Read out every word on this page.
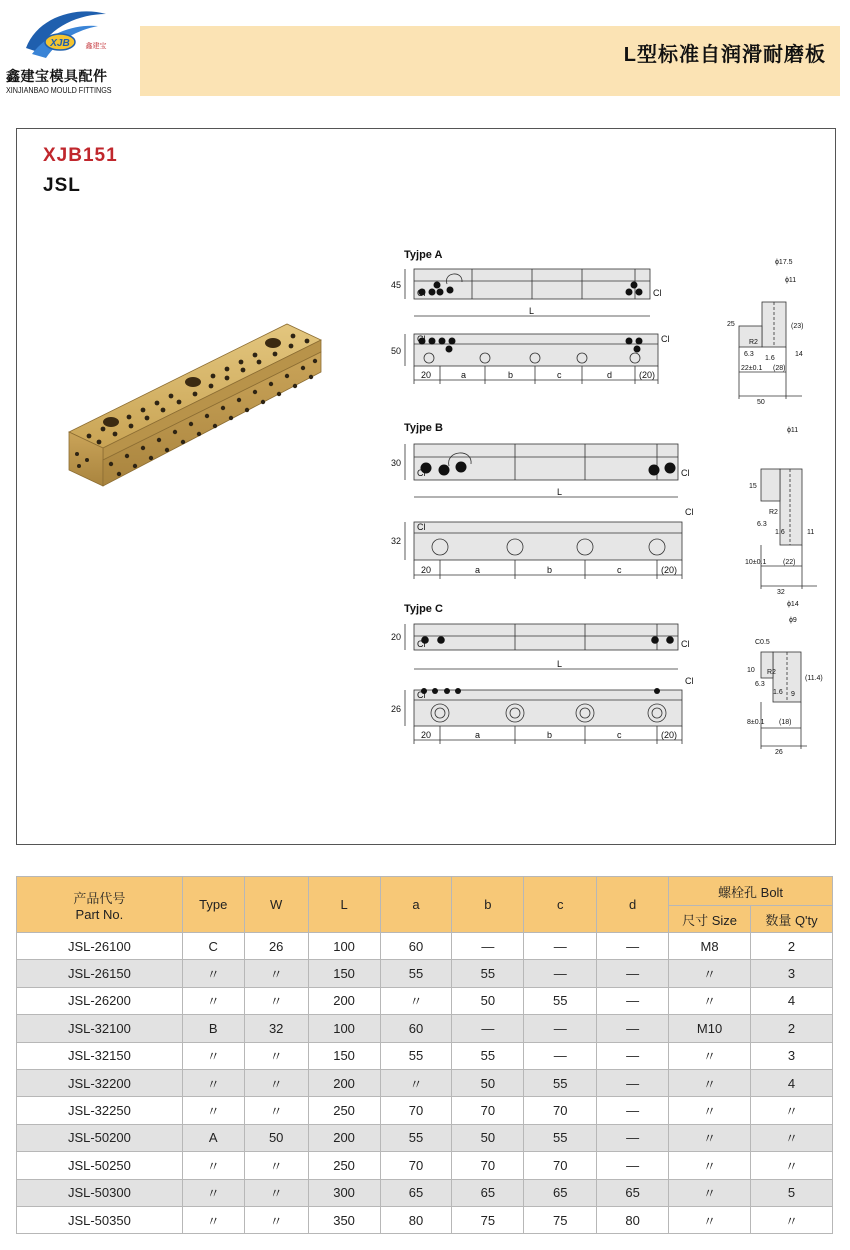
XJB 鑫建宝
鑫建宝模具配件
XINJIANBAO MOULD FITTINGS
L型标准自润滑耐磨板
XJB151
JSL
Tyjpe A
Tyjpe B
Tyjpe C
L
L
L
45
50
30
32
20
26
Cl	Cl
Cl	Cl
Cl	Cl
Cl
Cl
Cl	Cl
Cl
Cl
20	a	b	c	d	(20)
20	a	b	c	(20)
20	a	b	c	(20)
ϕ17.5
ϕ11
25	(23)
R2
6.3
1.6
14
22±0.1 (28)
50
ϕ11
15
R2
6.3
1.6	11
10±0.1 (22)
32
ϕ14
ϕ9
C0.5
10
(11.4)
R2
6.3
1.6 9
8±0.1 (18)
26
产品代号
Part No.	Type	W	L	a	b	c	d	螺栓孔 Bolt	
								尺寸 Size	数量 Q'ty
JSL-26100	C	26	100	60	—	—	—	M8	2
JSL-26150	〃	〃	150	55	55	—	—	〃	3
JSL-26200	〃	〃	200	〃	50	55	—	〃	4
JSL-32100	B	32	100	60	—	—	—	M10	2
JSL-32150	〃	〃	150	55	55	—	—	〃	3
JSL-32200	〃	〃	200	〃	50	55	—	〃	4
JSL-32250	〃	〃	250	70	70	70	—	〃	〃
JSL-50200	A	50	200	55	50	55	—	〃	〃
JSL-50250	〃	〃	250	70	70	70	—	〃	〃
JSL-50300	〃	〃	300	65	65	65	65	〃	5
JSL-50350	〃	〃	350	80	75	75	80	〃	〃
